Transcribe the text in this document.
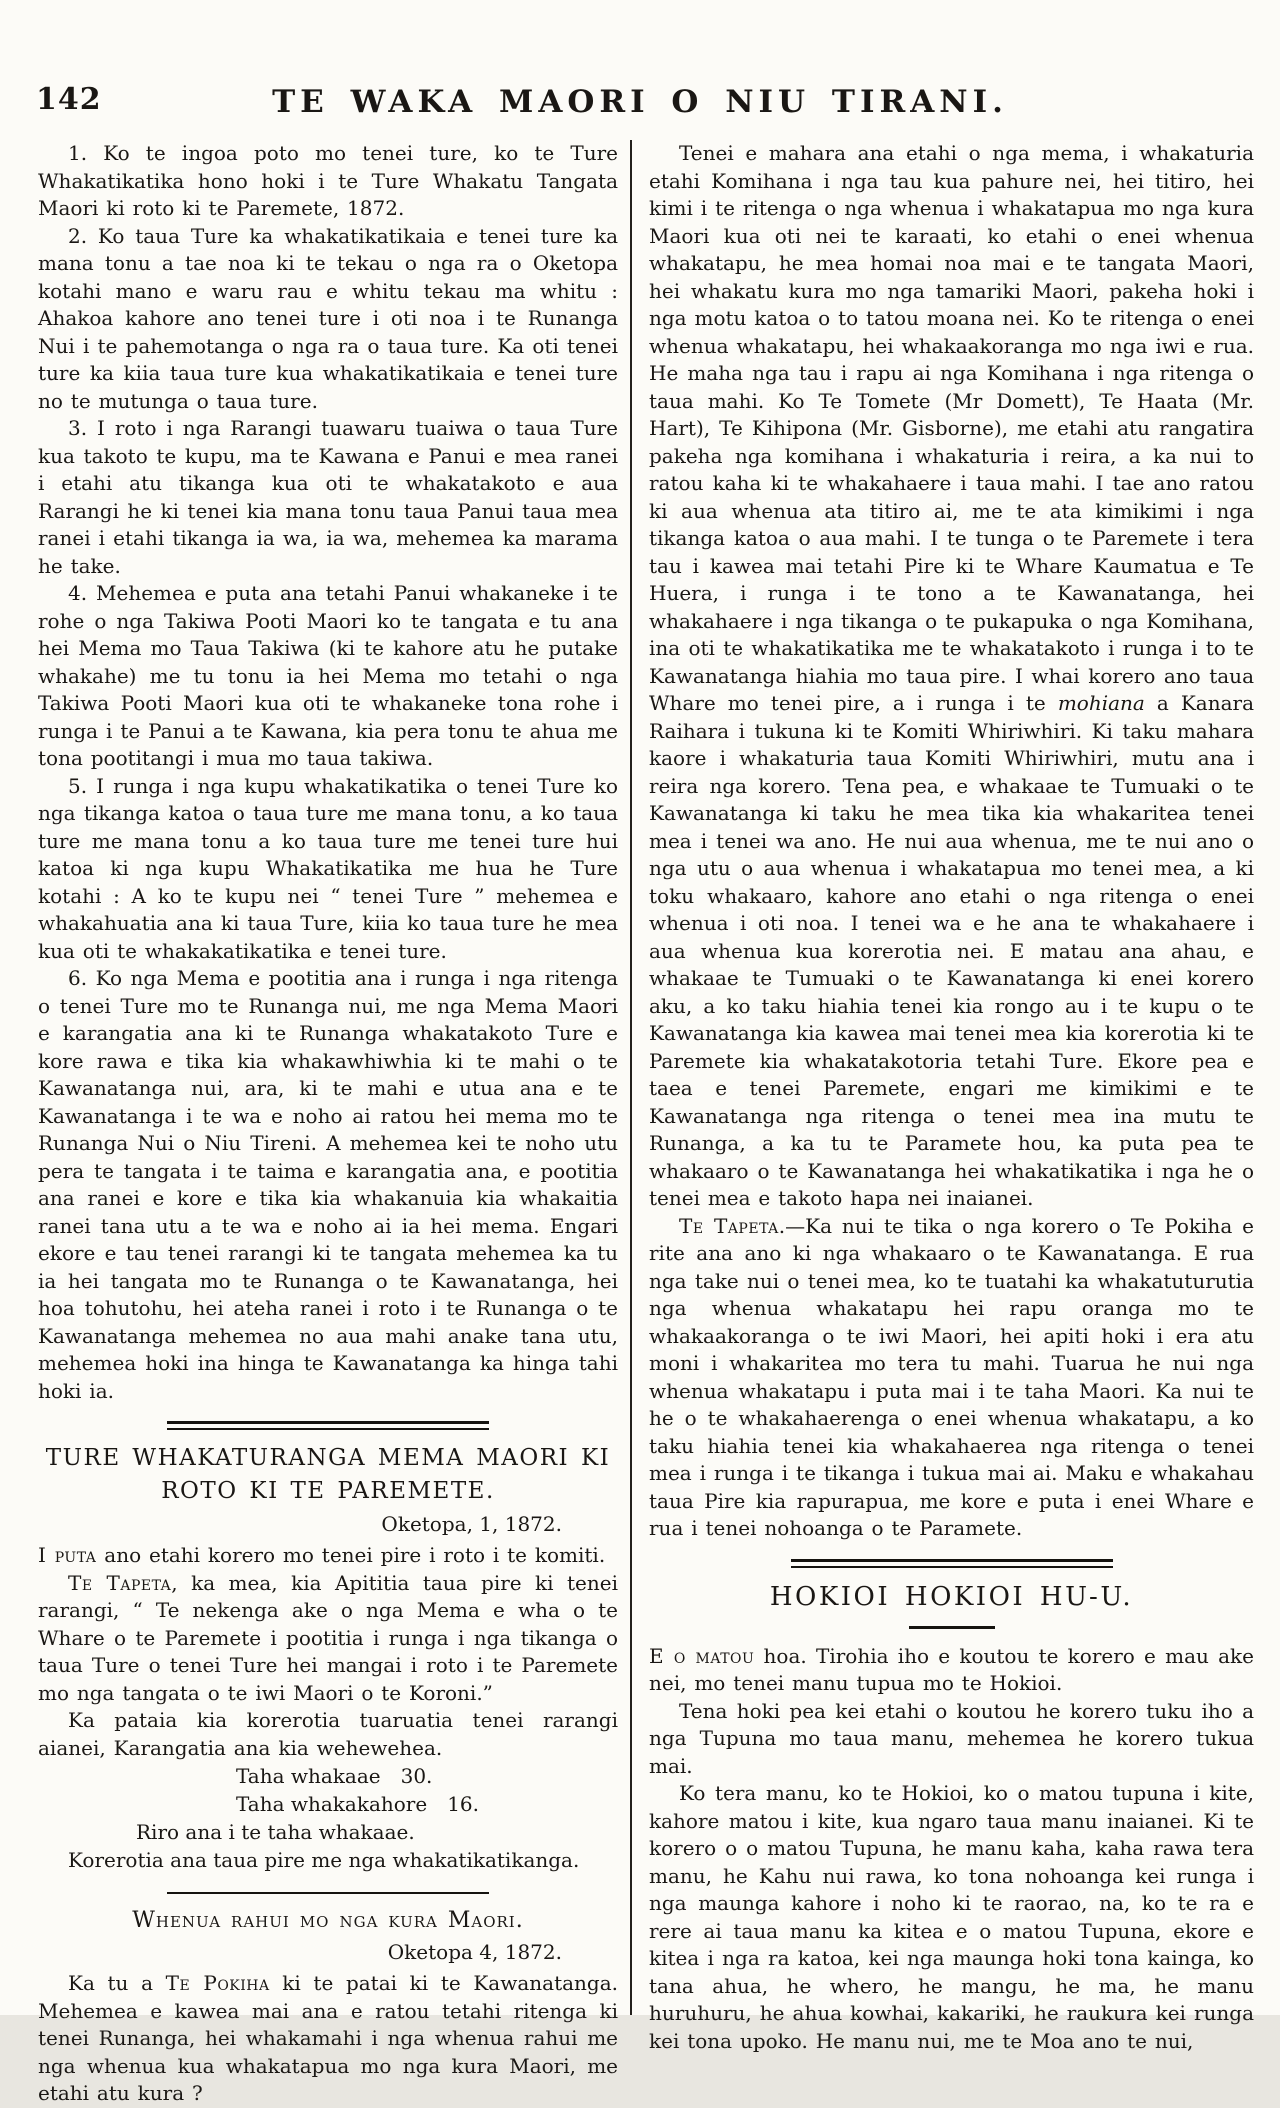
142	TE WAKA MAORI O NIU TIRANI.

1. Ko te ingoa poto mo tenei ture, ko te Ture Whakatikatika hono hoki i te Ture Whakatu Tangata Maori ki roto ki te Paremete, 1872.

2. Ko taua Ture ka whakatikatikaia e tenei ture ka mana tonu a tae noa ki te tekau o nga ra o Oketopa kotahi mano e waru rau e whitu tekau ma whitu : Ahakoa kahore ano tenei ture i oti noa i te Runanga Nui i te pahemotanga o nga ra o taua ture. Ka oti tenei ture ka kiia taua ture kua whakatikatikaia e tenei ture no te mutunga o taua ture.

3. I roto i nga Rarangi tuawaru tuaiwa o taua Ture kua takoto te kupu, ma te Kawana e Panui e mea ranei i etahi atu tikanga kua oti te whakatakoto e aua Rarangi he ki tenei kia mana tonu taua Panui taua mea ranei i etahi tikanga ia wa, ia wa, mehemea ka marama he take.

4. Mehemea e puta ana tetahi Panui whakaneke i te rohe o nga Takiwa Pooti Maori ko te tangata e tu ana hei Mema mo Taua Takiwa (ki te kahore atu he putake whakahe) me tu tonu ia hei Mema mo tetahi o nga Takiwa Pooti Maori kua oti te whakaneke tona rohe i runga i te Panui a te Kawana, kia pera tonu te ahua me tona pootitangi i mua mo taua takiwa.

5. I runga i nga kupu whakatikatika o tenei Ture ko nga tikanga katoa o taua ture me mana tonu, a ko taua ture me mana tonu a ko taua ture me tenei ture hui katoa ki nga kupu Whakatikatika me hua he Ture kotahi : A ko te kupu nei “ tenei Ture ” mehemea e whakahuatia ana ki taua Ture, kiia ko taua ture he mea kua oti te whakakatikatika e tenei ture.

6. Ko nga Mema e pootitia ana i runga i nga ritenga o tenei Ture mo te Runanga nui, me nga Mema Maori e karangatia ana ki te Runanga whakatakoto Ture e kore rawa e tika kia whakawhiwhia ki te mahi o te Kawanatanga nui, ara, ki te mahi e utua ana e te Kawanatanga i te wa e noho ai ratou hei mema mo te Runanga Nui o Niu Tireni. A mehemea kei te noho utu pera te tangata i te taima e karangatia ana, e pootitia ana ranei e kore e tika kia whakanuia kia whakaitia ranei tana utu a te wa e noho ai ia hei mema. Engari ekore e tau tenei rarangi ki te tangata mehemea ka tu ia hei tangata mo te Runanga o te Kawanatanga, hei hoa tohutohu, hei ateha ranei i roto i te Runanga o te Kawanatanga mehemea no aua mahi anake tana utu, mehemea hoki ina hinga te Kawanatanga ka hinga tahi hoki ia.

TURE WHAKATURANGA MEMA MAORI KI ROTO KI TE PAREMETE.

Oketopa, 1, 1872.

I puta ano etahi korero mo tenei pire i roto i te komiti.

Te Tapeta, ka mea, kia Apititia taua pire ki tenei rarangi, “ Te nekenga ake o nga Mema e wha o te Whare o te Paremete i pootitia i runga i nga tikanga o taua Ture o tenei Ture hei mangai i roto i te Paremete mo nga tangata o te iwi Maori o te Koroni.”

Ka pataia kia korerotia tuaruatia tenei rarangi aianei, Karangatia ana kia wehewehea.

Taha whakaae 30.

Taha whakakahore 16.

Riro ana i te taha whakaae.

Korerotia ana taua pire me nga whakatikatikanga.

Whenua rahui mo nga kura Maori.

Oketopa 4, 1872.

Ka tu a Te Pokiha ki te patai ki te Kawanatanga. Mehemea e kawea mai ana e ratou tetahi ritenga ki tenei Runanga, hei whakamahi i nga whenua rahui me nga whenua kua whakatapua mo nga kura Maori, me etahi atu kura ?

Tenei e mahara ana etahi o nga mema, i whakaturia etahi Komihana i nga tau kua pahure nei, hei titiro, hei kimi i te ritenga o nga whenua i whakatapua mo nga kura Maori kua oti nei te karaati, ko etahi o enei whenua whakatapu, he mea homai noa mai e te tangata Maori, hei whakatu kura mo nga tamariki Maori, pakeha hoki i nga motu katoa o to tatou moana nei. Ko te ritenga o enei whenua whakatapu, hei whakaakoranga mo nga iwi e rua. He maha nga tau i rapu ai nga Komihana i nga ritenga o taua mahi. Ko Te Tomete (Mr Domett), Te Haata (Mr. Hart), Te Kihipona (Mr. Gisborne), me etahi atu rangatira pakeha nga komihana i whakaturia i reira, a ka nui to ratou kaha ki te whakahaere i taua mahi. I tae ano ratou ki aua whenua ata titiro ai, me te ata kimikimi i nga tikanga katoa o aua mahi. I te tunga o te Paremete i tera tau i kawea mai tetahi Pire ki te Whare Kaumatua e Te Huera, i runga i te tono a te Kawanatanga, hei whakahaere i nga tikanga o te pukapuka o nga Komihana, ina oti te whakatikatika me te whakatakoto i runga i to te Kawanatanga hiahia mo taua pire. I whai korero ano taua Whare mo tenei pire, a i runga i te mohiana a Kanara Raihara i tukuna ki te Komiti Whiriwhiri. Ki taku mahara kaore i whakaturia taua Komiti Whiriwhiri, mutu ana i reira nga korero. Tena pea, e whakaae te Tumuaki o te Kawanatanga ki taku he mea tika kia whakaritea tenei mea i tenei wa ano. He nui aua whenua, me te nui ano o nga utu o aua whenua i whakatapua mo tenei mea, a ki toku whakaaro, kahore ano etahi o nga ritenga o enei whenua i oti noa. I tenei wa e he ana te whakahaere i aua whenua kua korerotia nei. E matau ana ahau, e whakaae te Tumuaki o te Kawanatanga ki enei korero aku, a ko taku hiahia tenei kia rongo au i te kupu o te Kawanatanga kia kawea mai tenei mea kia korerotia ki te Paremete kia whakatakotoria tetahi Ture. Ekore pea e taea e tenei Paremete, engari me kimikimi e te Kawanatanga nga ritenga o tenei mea ina mutu te Runanga, a ka tu te Paramete hou, ka puta pea te whakaaro o te Kawanatanga hei whakatikatika i nga he o tenei mea e takoto hapa nei inaianei.

Te Tapeta.—Ka nui te tika o nga korero o Te Pokiha e rite ana ano ki nga whakaaro o te Kawanatanga. E rua nga take nui o tenei mea, ko te tuatahi ka whakatuturutia nga whenua whakatapu hei rapu oranga mo te whakaakoranga o te iwi Maori, hei apiti hoki i era atu moni i whakaritea mo tera tu mahi. Tuarua he nui nga whenua whakatapu i puta mai i te taha Maori. Ka nui te he o te whakahaerenga o enei whenua whakatapu, a ko taku hiahia tenei kia whakahaerea nga ritenga o tenei mea i runga i te tikanga i tukua mai ai. Maku e whakahau taua Pire kia rapurapua, me kore e puta i enei Whare e rua i tenei nohoanga o te Paramete.

HOKIOI HOKIOI HU-U.

E o matou hoa. Tirohia iho e koutou te korero e mau ake nei, mo tenei manu tupua mo te Hokioi.

Tena hoki pea kei etahi o koutou he korero tuku iho a nga Tupuna mo taua manu, mehemea he korero tukua mai.

Ko tera manu, ko te Hokioi, ko o matou tupuna i kite, kahore matou i kite, kua ngaro taua manu inaianei. Ki te korero o o matou Tupuna, he manu kaha, kaha rawa tera manu, he Kahu nui rawa, ko tona nohoanga kei runga i nga maunga kahore i noho ki te raorao, na, ko te ra e rere ai taua manu ka kitea e o matou Tupuna, ekore e kitea i nga ra katoa, kei nga maunga hoki tona kainga, ko tana ahua, he whero, he mangu, he ma, he manu huruhuru, he ahua kowhai, kakariki, he raukura kei runga kei tona upoko. He manu nui, me te Moa ano te nui,
